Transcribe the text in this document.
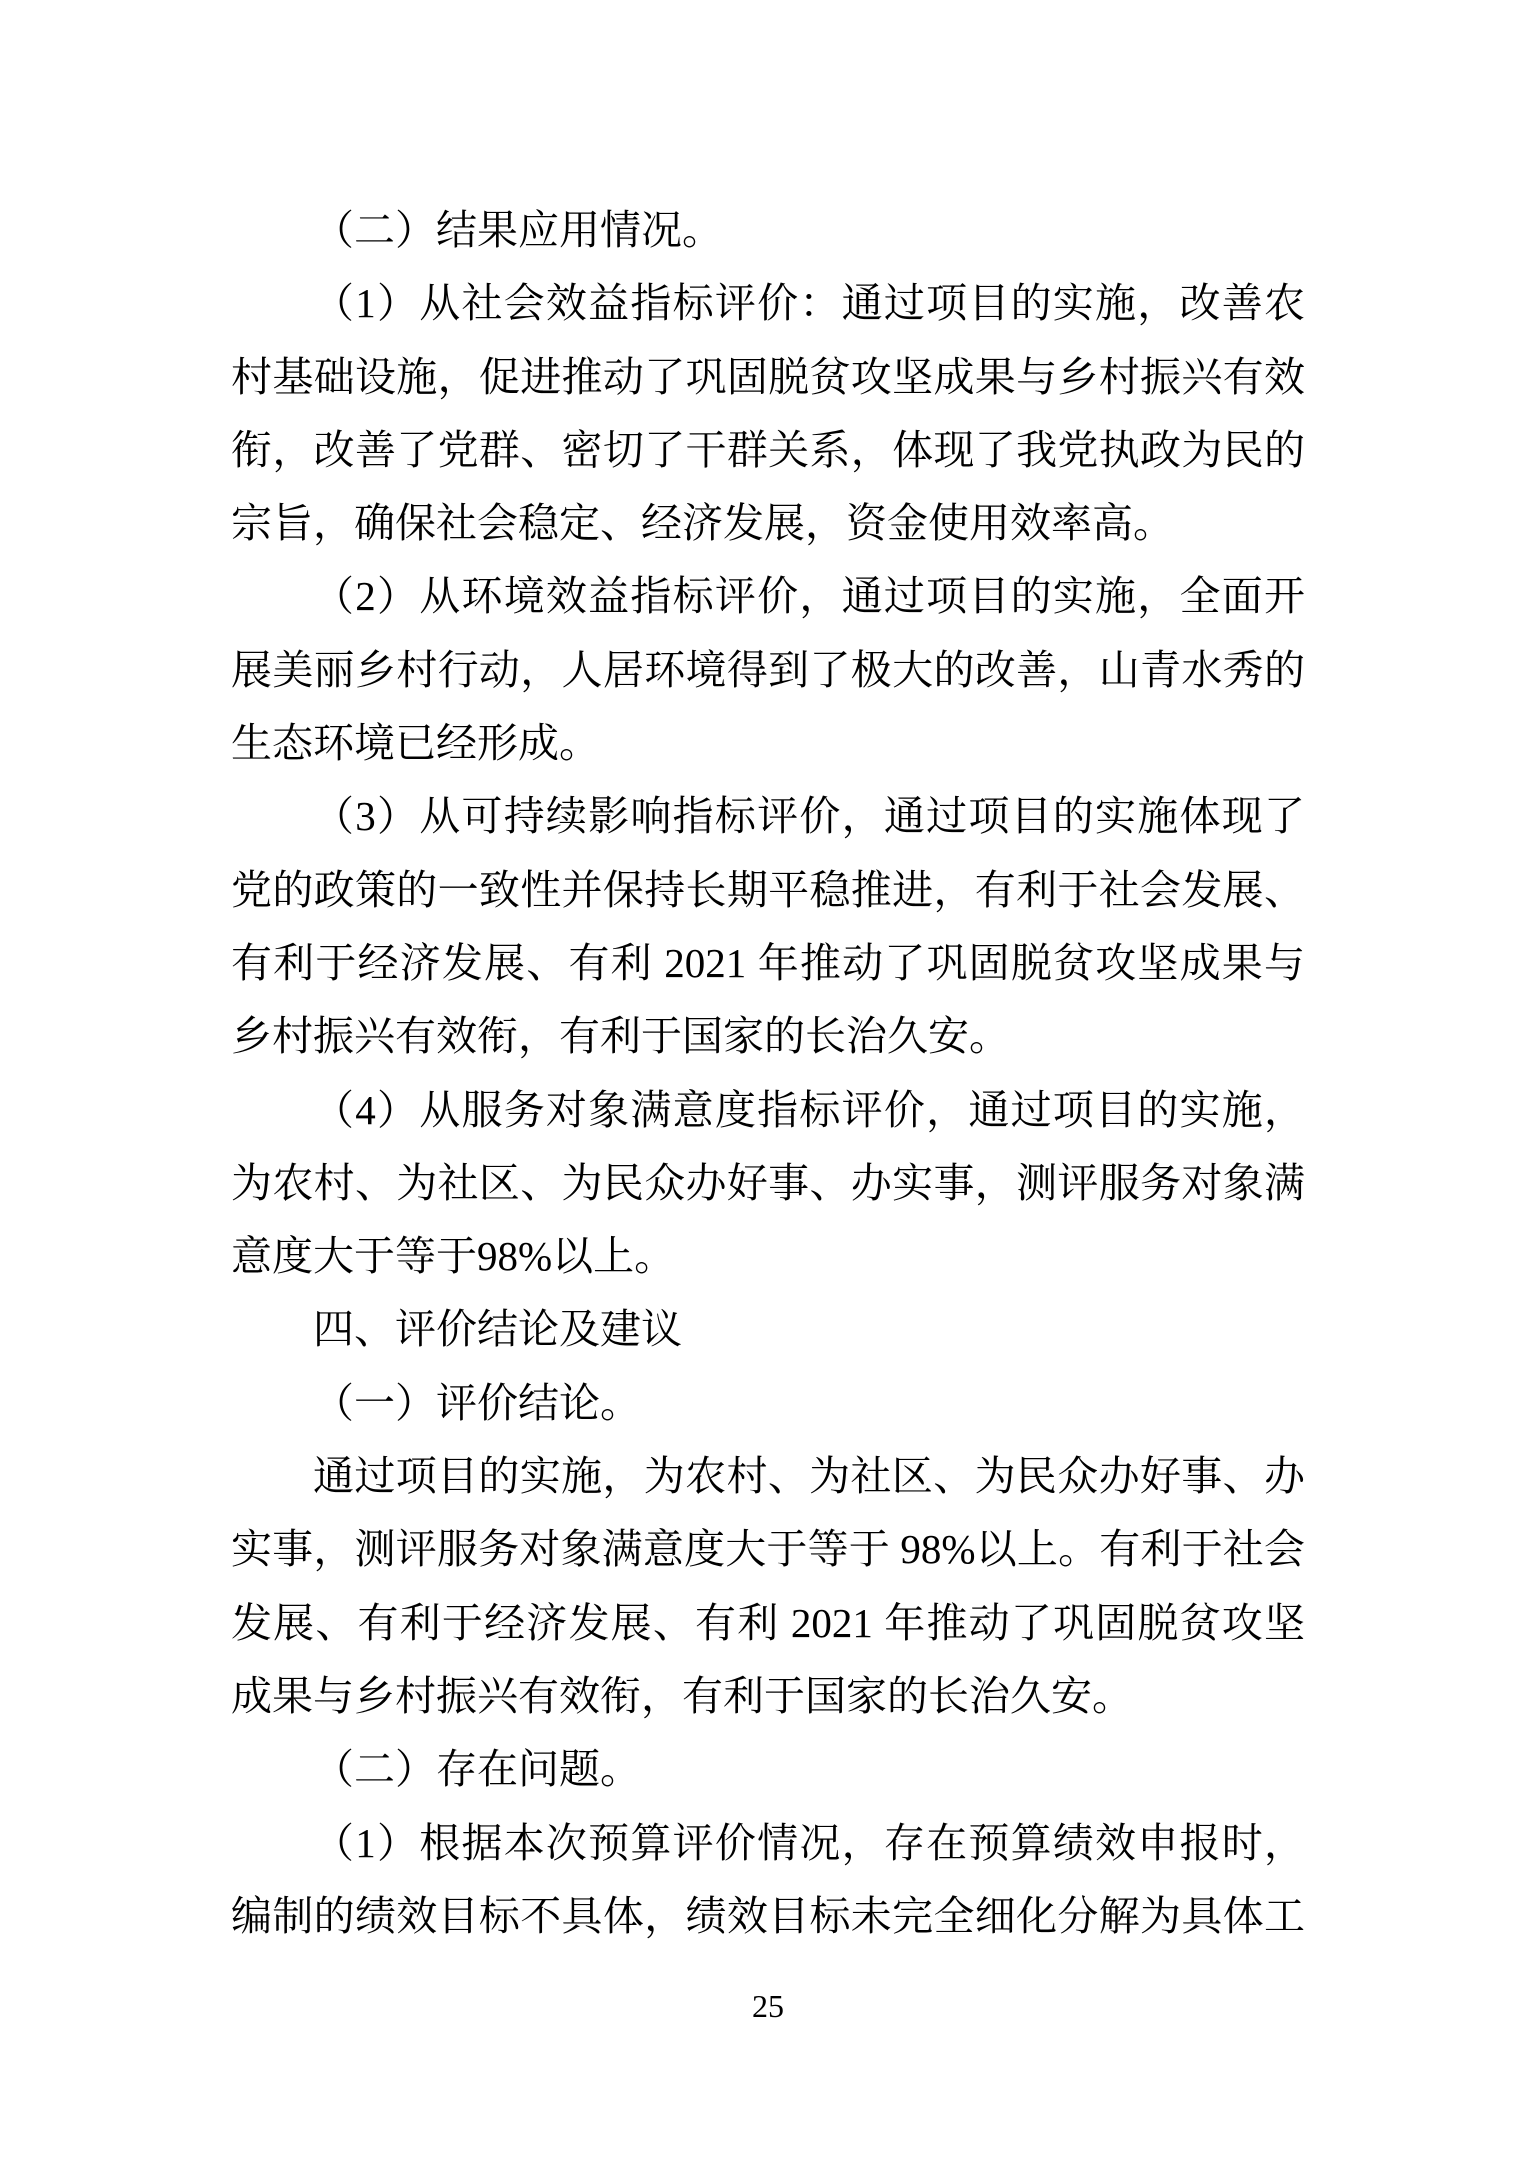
（二）结果应用情况。
（1）从社会效益指标评价：通过项目的实施，改善农
村基础设施，促进推动了巩固脱贫攻坚成果与乡村振兴有效
衔，改善了党群、密切了干群关系，体现了我党执政为民的
宗旨，确保社会稳定、经济发展，资金使用效率高。
（2）从环境效益指标评价，通过项目的实施，全面开
展美丽乡村行动，人居环境得到了极大的改善，山青水秀的
生态环境已经形成。
（3）从可持续影响指标评价，通过项目的实施体现了
党的政策的一致性并保持长期平稳推进，有利于社会发展、
有利于经济发展、有利 2021 年推动了巩固脱贫攻坚成果与
乡村振兴有效衔，有利于国家的长治久安。
（4）从服务对象满意度指标评价，通过项目的实施，
为农村、为社区、为民众办好事、办实事，测评服务对象满
意度大于等于98%以上。
四、评价结论及建议
（一）评价结论。
通过项目的实施，为农村、为社区、为民众办好事、办
实事，测评服务对象满意度大于等于 98%以上。有利于社会
发展、有利于经济发展、有利 2021 年推动了巩固脱贫攻坚
成果与乡村振兴有效衔，有利于国家的长治久安。
（二）存在问题。
（1）根据本次预算评价情况，存在预算绩效申报时，
编制的绩效目标不具体，绩效目标未完全细化分解为具体工
25
